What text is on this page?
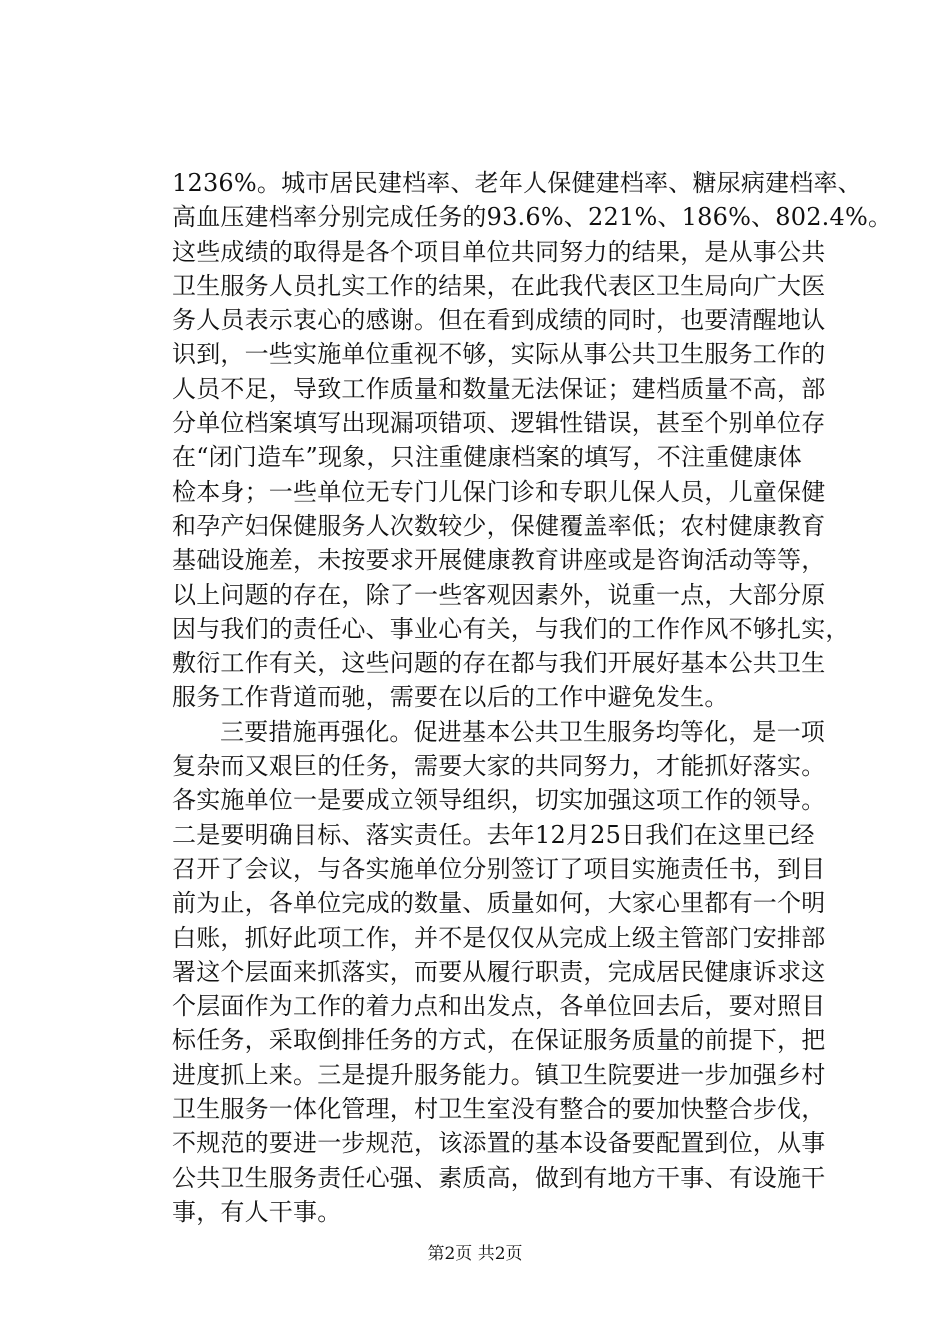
1236%。城市居民建档率、老年人保健建档率、糖尿病建档率、
高血压建档率分别完成任务的93.6%、221%、186%、802.4%。
这些成绩的取得是各个项目单位共同努力的结果，是从事公共
卫生服务人员扎实工作的结果，在此我代表区卫生局向广大医
务人员表示衷心的感谢。但在看到成绩的同时，也要清醒地认
识到，一些实施单位重视不够，实际从事公共卫生服务工作的
人员不足，导致工作质量和数量无法保证；建档质量不高，部
分单位档案填写出现漏项错项、逻辑性错误，甚至个别单位存
在“闭门造车”现象，只注重健康档案的填写，不注重健康体
检本身；一些单位无专门儿保门诊和专职儿保人员，儿童保健
和孕产妇保健服务人次数较少，保健覆盖率低；农村健康教育
基础设施差，未按要求开展健康教育讲座或是咨询活动等等，
以上问题的存在，除了一些客观因素外，说重一点，大部分原
因与我们的责任心、事业心有关，与我们的工作作风不够扎实，
敷衍工作有关，这些问题的存在都与我们开展好基本公共卫生
服务工作背道而驰，需要在以后的工作中避免发生。
三要措施再强化。促进基本公共卫生服务均等化，是一项
复杂而又艰巨的任务，需要大家的共同努力，才能抓好落实。
各实施单位一是要成立领导组织，切实加强这项工作的领导。
二是要明确目标、落实责任。去年12月25日我们在这里已经
召开了会议，与各实施单位分别签订了项目实施责任书，到目
前为止，各单位完成的数量、质量如何，大家心里都有一个明
白账，抓好此项工作，并不是仅仅从完成上级主管部门安排部
署这个层面来抓落实，而要从履行职责，完成居民健康诉求这
个层面作为工作的着力点和出发点，各单位回去后，要对照目
标任务，采取倒排任务的方式，在保证服务质量的前提下，把
进度抓上来。三是提升服务能力。镇卫生院要进一步加强乡村
卫生服务一体化管理，村卫生室没有整合的要加快整合步伐，
不规范的要进一步规范，该添置的基本设备要配置到位，从事
公共卫生服务责任心强、素质高，做到有地方干事、有设施干
事，有人干事。
第2页 共2页
